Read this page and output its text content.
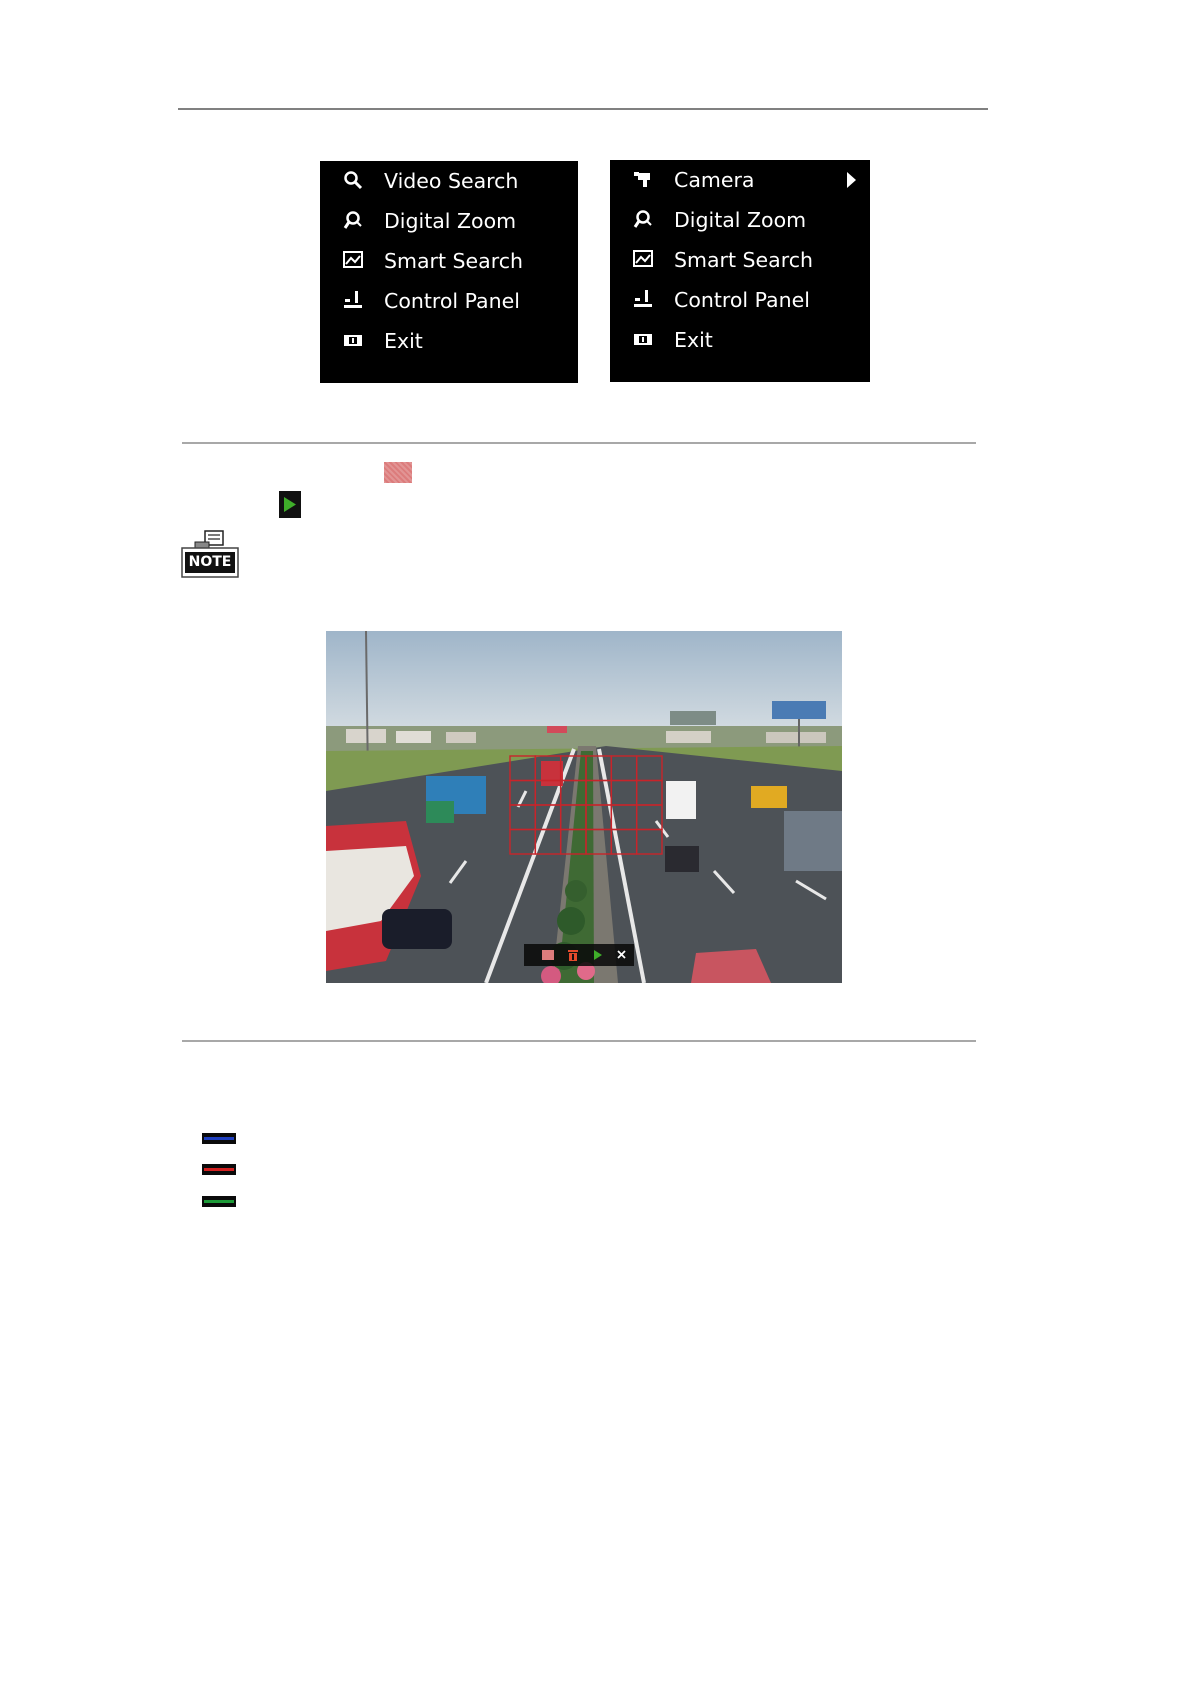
Video Search
Digital Zoom
Smart Search
Control Panel
Exit
Camera
Digital Zoom
Smart Search
Control Panel
Exit
NOTE
